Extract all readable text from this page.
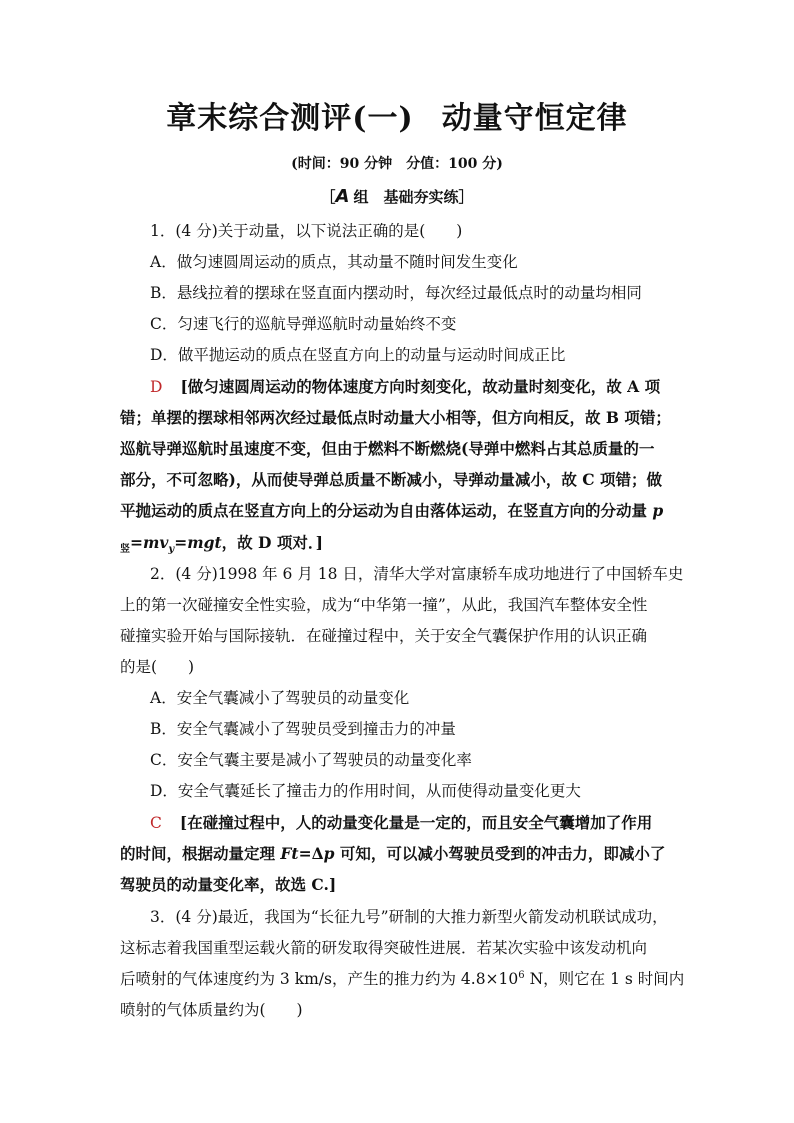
章末综合测评(一) 动量守恒定律
(时间：90 分钟　分值：100 分)
［A 组　基础夯实练］
1．(4 分)关于动量，以下说法正确的是(　　)
A．做匀速圆周运动的质点，其动量不随时间发生变化
B．悬线拉着的摆球在竖直面内摆动时，每次经过最低点时的动量均相同
C．匀速飞行的巡航导弹巡航时动量始终不变
D．做平抛运动的质点在竖直方向上的动量与运动时间成正比
D [做匀速圆周运动的物体速度方向时刻变化，故动量时刻变化，故 A 项
错；单摆的摆球相邻两次经过最低点时动量大小相等，但方向相反，故 B 项错；
巡航导弹巡航时虽速度不变，但由于燃料不断燃烧(导弹中燃料占其总质量的一
部分，不可忽略)，从而使导弹总质量不断减小，导弹动量减小，故 C 项错；做
平抛运动的质点在竖直方向上的分运动为自由落体运动，在竖直方向的分动量 p
$_竖=mv_y=mgt$，故 D 项对．]
2．(4 分)1998 年 6 月 18 日，清华大学对富康轿车成功地进行了中国轿车史
上的第一次碰撞安全性实验，成为“中华第一撞”，从此，我国汽车整体安全性
碰撞实验开始与国际接轨．在碰撞过程中，关于安全气囊保护作用的认识正确
的是(　　)
A．安全气囊减小了驾驶员的动量变化
B．安全气囊减小了驾驶员受到撞击力的冲量
C．安全气囊主要是减小了驾驶员的动量变化率
D．安全气囊延长了撞击力的作用时间，从而使得动量变化更大
C [在碰撞过程中，人的动量变化量是一定的，而且安全气囊增加了作用
的时间，根据动量定理 Ft=Δp 可知，可以减小驾驶员受到的冲击力，即减小了
驾驶员的动量变化率，故选 C.]
3．(4 分)最近，我国为“长征九号”研制的大推力新型火箭发动机联试成功，
这标志着我国重型运载火箭的研发取得突破性进展．若某次实验中该发动机向
后喷射的气体速度约为 3 km/s，产生的推力约为 $4.8\times 10^6$ N，则它在 1 s 时间内
喷射的气体质量约为(　　)
